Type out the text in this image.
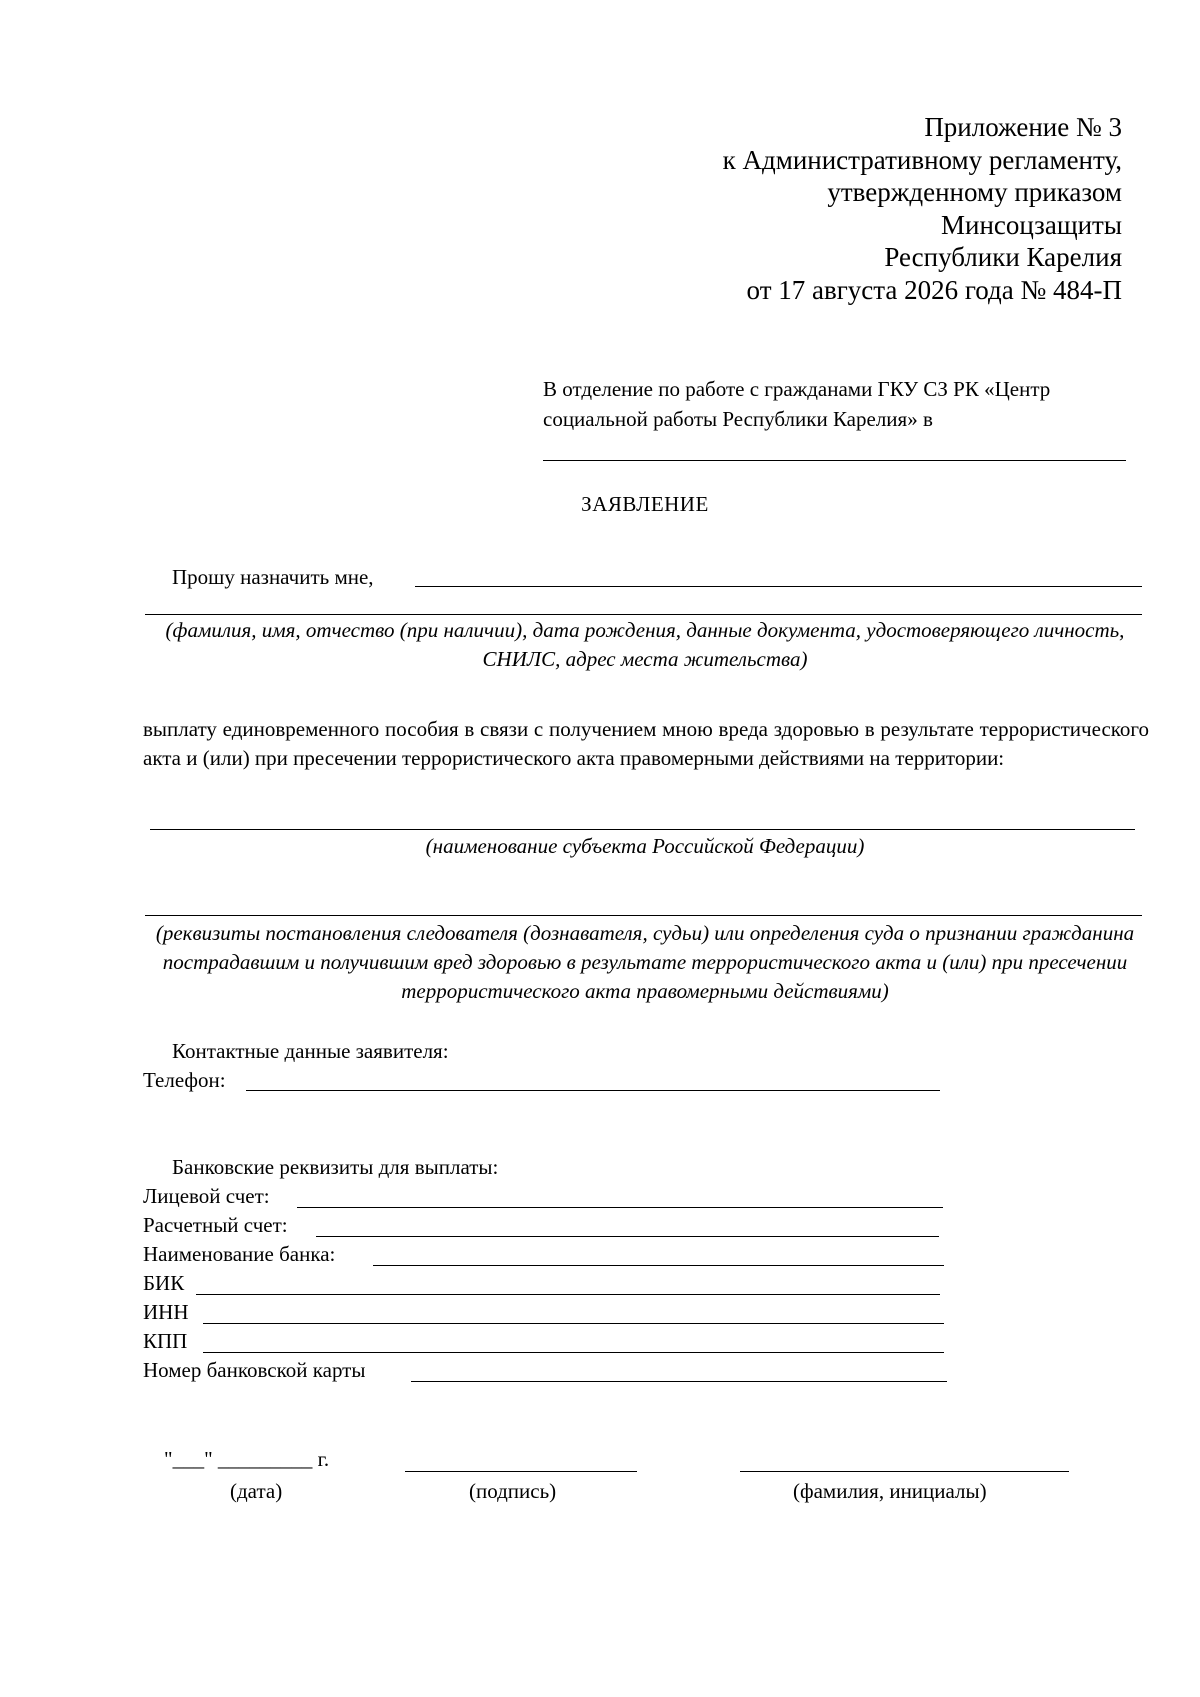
Приложение № 3
к Административному регламенту,
утвержденному приказом
Минсоцзащиты
Республики Карелия
от 17 августа 2026 года № 484-П
В отделение по работе с гражданами ГКУ СЗ РК «Центр
социальной работы Республики Карелия» в
ЗАЯВЛЕНИЕ
Прошу назначить мне,
(фамилия, имя, отчество (при наличии), дата рождения, данные документа, удостоверяющего личность, СНИЛС, адрес места жительства)
выплату единовременного пособия в связи с получением мною вреда здоровью в результате террористического акта и (или) при пресечении террористического акта правомерными действиями на территории:
(наименование субъекта Российской Федерации)
(реквизиты постановления следователя (дознавателя, судьи) или определения суда о признании гражданина пострадавшим и получившим вред здоровью в результате террористического акта и (или) при пресечении террористического акта правомерными действиями)
Контактные данные заявителя:
Телефон:
Банковские реквизиты для выплаты:
Лицевой счет:
Расчетный счет:
Наименование банка:
БИК
ИНН
КПП
Номер банковской карты
"___" _________ г.
(дата)	(подпись)	(фамилия, инициалы)
